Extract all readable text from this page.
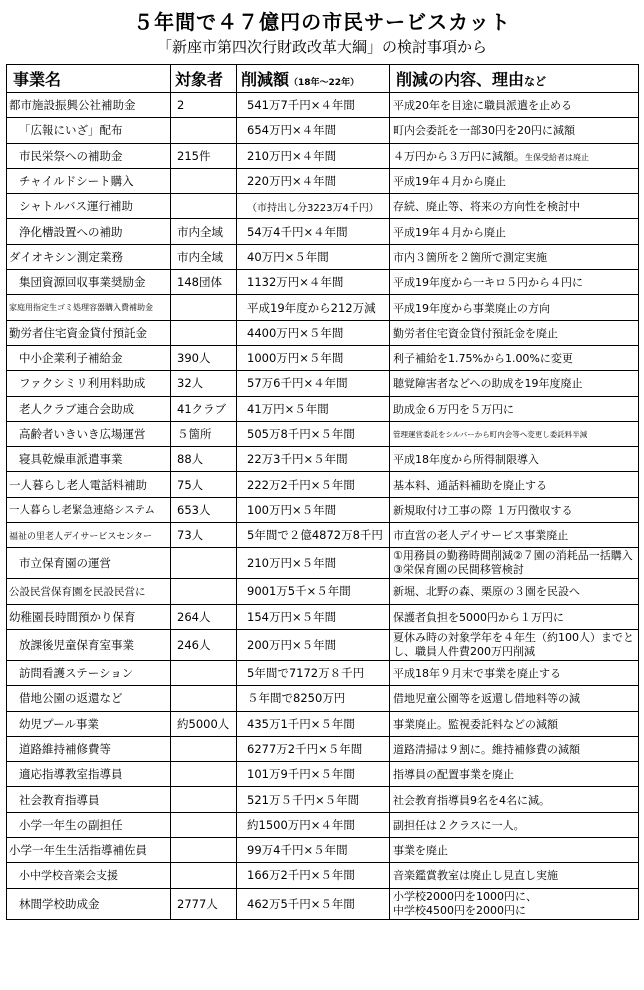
５年間で４７億円の市民サービスカット
「新座市第四次行財政改革大綱」の検討事項から
事業名	対象者	削減額（18年～22年）	削減の内容、理由など
都市施設振興公社補助金	2	541万7千円×４年間	平成20年を目途に職員派遣を止める
「広報にいざ」配布		654万円×４年間	町内会委託を一部30円を20円に減額
市民栄祭への補助金	215件	210万円×４年間	４万円から３万円に減額。生保受給者は廃止
チャイルドシート購入		220万円×４年間	平成19年４月から廃止
シャトルバス運行補助		（市持出し分3223万4千円）	存続、廃止等、将来の方向性を検討中
浄化槽設置への補助	市内全域	54万4千円×４年間	平成19年４月から廃止
ダイオキシン測定業務	市内全域	40万円×５年間	市内３箇所を２箇所で測定実施
集団資源回収事業奨励金	148団体	1132万円×４年間	平成19年度から一キロ５円から４円に
家庭用指定生ゴミ処理容器購入費補助金		平成19年度から212万減	平成19年度から事業廃止の方向
勤労者住宅資金貸付預託金		4400万円×５年間	勤労者住宅資金貸付預託金を廃止
中小企業利子補給金	390人	1000万円×５年間	利子補給を1.75%から1.00%に変更
ファクシミリ利用料助成	32人	57万6千円×４年間	聴覚障害者などへの助成を19年度廃止
老人クラブ連合会助成	41クラブ	41万円×５年間	助成金６万円を５万円に
高齢者いきいき広場運営	５箇所	505万8千円×５年間	管理運営委託をシルバーから町内会等へ変更し委託料半減
寝具乾燥車派遣事業	88人	22万3千円×５年間	平成18年度から所得制限導入
一人暮らし老人電話料補助	75人	222万2千円×５年間	基本料、通話料補助を廃止する
一人暮らし老緊急連絡システム	653人	100万円×５年間	新規取付け工事の際 １万円徴収する
福祉の里老人デイサービスセンター	73人	5年間で２億4872万8千円	市直営の老人デイサービス事業廃止
市立保育園の運営		210万円×５年間	①用務員の勤務時間削減②７園の消耗品一括購入③栄保育園の民間移管検討
公設民営保育園を民設民営に		9001万5千×５年間	新堀、北野の森、栗原の３園を民設へ
幼稚園長時間預かり保育	264人	154万円×５年間	保護者負担を5000円から１万円に
放課後児童保育室事業	246人	200万円×５年間	夏休み時の対象学年を４年生（約100人）までとし、職員人件費200万円削減
訪問看護ステーション		5年間で7172万８千円	平成18年９月末で事業を廃止する
借地公園の返還など		５年間で8250万円	借地児童公園等を返還し借地料等の減
幼児プール事業	約5000人	435万1千円×５年間	事業廃止。監視委託料などの減額
道路維持補修費等		6277万2千円×５年間	道路清掃は９割に。維持補修費の減額
適応指導教室指導員		101万9千円×５年間	指導員の配置事業を廃止
社会教育指導員		521万５千円×５年間	社会教育指導員9名を4名に減。
小学一年生の副担任		約1500万円×４年間	副担任は２クラスに一人。
小学一年生生活指導補佐員		99万4千円×５年間	事業を廃止
小中学校音楽会支援		166万2千円×５年間	音楽鑑賞教室は廃止し見直し実施
林間学校助成金	2777人	462万5千円×５年間	小学校2000円を1000円に、
中学校4500円を2000円に
